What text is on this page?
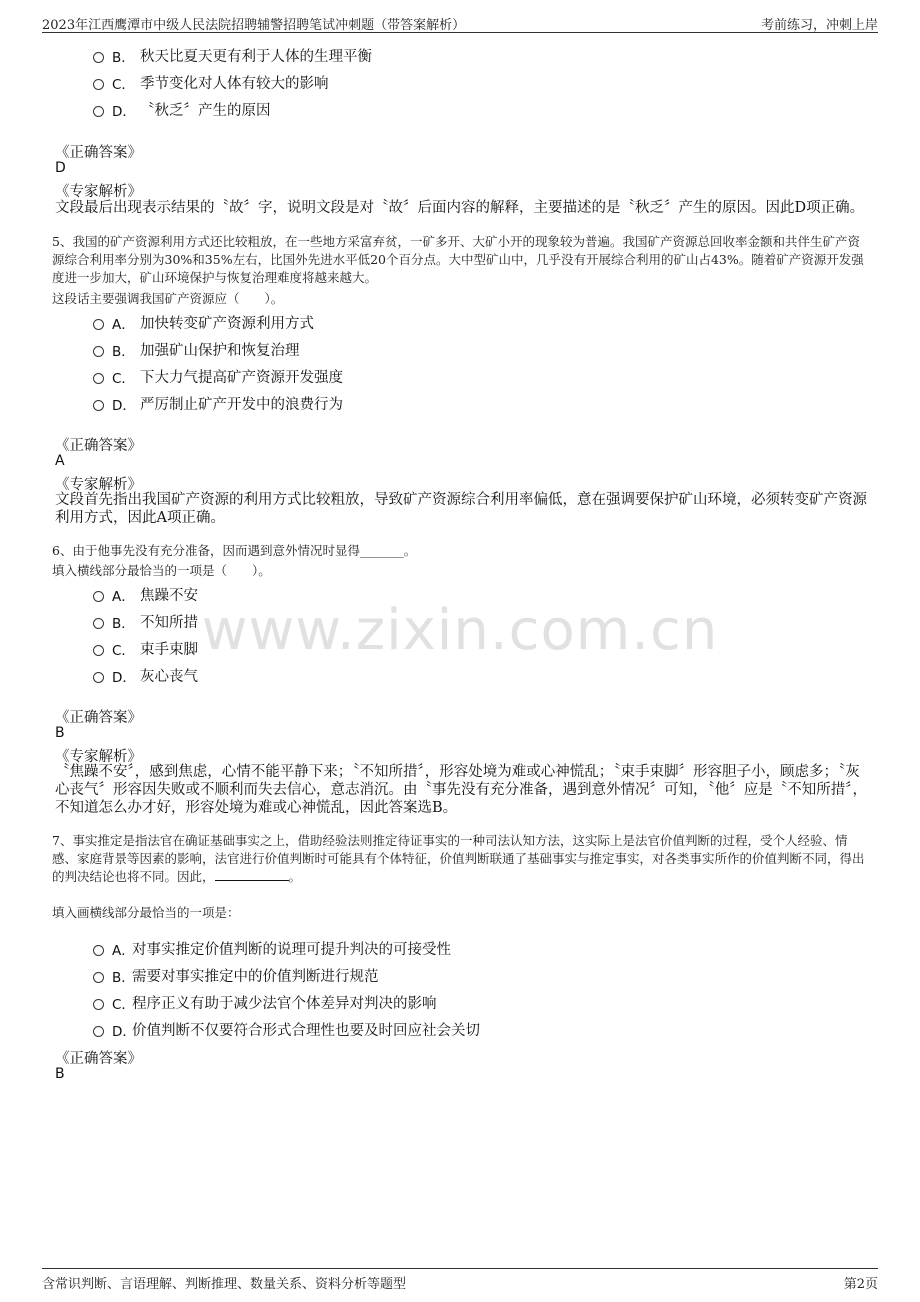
2023年江西鹰潭市中级人民法院招聘辅警招聘笔试冲刺题（带答案解析）	考前练习，冲刺上岸
www.zixin.com.cn
B． 秋天比夏天更有利于人体的生理平衡
C． 季节变化对人体有较大的影响
D． 〝秋乏〞产生的原因
《正确答案》
D
《专家解析》
文段最后出现表示结果的〝故〞字，说明文段是对〝故〞后面内容的解释，主要描述的是〝秋乏〞产生的原因。因此D项正确。
5、我国的矿产资源利用方式还比较粗放，在一些地方采富弃贫，一矿多开、大矿小开的现象较为普遍。我国矿产资源总回收率金额和共伴生矿产资源综合利用率分别为30%和35%左右，比国外先进水平低20个百分点。大中型矿山中，几乎没有开展综合利用的矿山占43%。随着矿产资源开发强度进一步加大，矿山环境保护与恢复治理难度将越来越大。
这段话主要强调我国矿产资源应（　　）。
A． 加快转变矿产资源利用方式
B． 加强矿山保护和恢复治理
C． 下大力气提高矿产资源开发强度
D． 严厉制止矿产开发中的浪费行为
《正确答案》
A
《专家解析》
文段首先指出我国矿产资源的利用方式比较粗放，导致矿产资源综合利用率偏低，意在强调要保护矿山环境，必须转变矿产资源利用方式，因此A项正确。
6、由于他事先没有充分准备，因而遇到意外情况时显得_______。
填入横线部分最恰当的一项是（　　）。
A． 焦躁不安
B． 不知所措
C． 束手束脚
D． 灰心丧气
《正确答案》
B
《专家解析》
〝焦躁不安〞，感到焦虑，心情不能平静下来；〝不知所措〞，形容处境为难或心神慌乱；〝束手束脚〞形容胆子小，顾虑多；〝灰心丧气〞形容因失败或不顺利而失去信心，意志消沉。由〝事先没有充分准备，遇到意外情况〞可知，〝他〞应是〝不知所措〞，不知道怎么办才好，形容处境为难或心神慌乱，因此答案选B。
7、事实推定是指法官在确证基础事实之上，借助经验法则推定待证事实的一种司法认知方法，这实际上是法官价值判断的过程，受个人经验、情感、家庭背景等因素的影响，法官进行价值判断时可能具有个体特征，价值判断联通了基础事实与推定事实，对各类事实所作的价值判断不同，得出的判决结论也将不同。因此，	。
填入画横线部分最恰当的一项是：
A．
对事实推定价值判断的说理可提升判决的可接受性
B．
需要对事实推定中的价值判断进行规范
C．
程序正义有助于减少法官个体差异对判决的影响
D．
价值判断不仅要符合形式合理性也要及时回应社会关切
《正确答案》
B
含常识判断、言语理解、判断推理、数量关系、资料分析等题型	第2页
